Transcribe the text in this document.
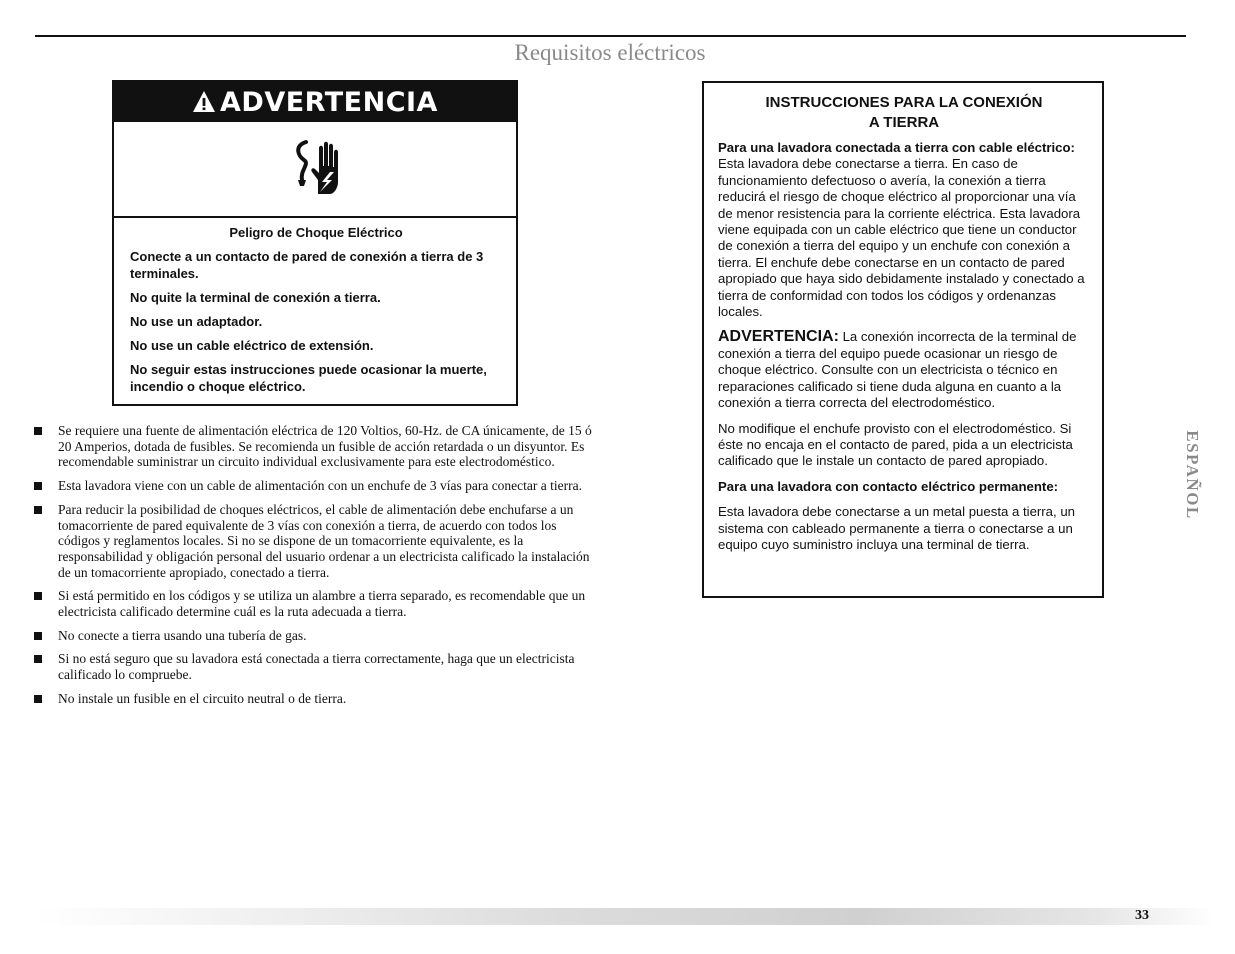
Requisitos eléctricos
ADVERTENCIA
Peligro de Choque Eléctrico

Conecte a un contacto de pared de conexión a tierra de 3 terminales.

No quite la terminal de conexión a tierra.

No use un adaptador.

No use un cable eléctrico de extensión.

No seguir estas instrucciones puede ocasionar la muerte, incendio o choque eléctrico.

Se requiere una fuente de alimentación eléctrica de 120 Voltios, 60-Hz. de CA únicamente, de 15 ó 20 Amperios, dotada de fusibles. Se recomienda un fusible de acción retardada o un disyuntor. Es recomendable suministrar un circuito individual exclusivamente para este electrodoméstico.
Esta lavadora viene con un cable de alimentación con un enchufe de 3 vías para conectar a tierra.
Para reducir la posibilidad de choques eléctricos, el cable de alimentación debe enchufarse a un tomacorriente de pared equivalente de 3 vías con conexión a tierra, de acuerdo con todos los códigos y reglamentos locales. Si no se dispone de un tomacorriente equivalente, es la responsabilidad y obligación personal del usuario ordenar a un electricista calificado la instalación de un tomacorriente apropiado, conectado a tierra.
Si está permitido en los códigos y se utiliza un alambre a tierra separado, es recomendable que un electricista calificado determine cuál es la ruta adecuada a tierra.
No conecte a tierra usando una tubería de gas.
Si no está seguro que su lavadora está conectada a tierra correctamente, haga que un electricista calificado lo compruebe.
No instale un fusible en el circuito neutral o de tierra.
INSTRUCCIONES PARA LA CONEXIÓN
A TIERRA

Para una lavadora conectada a tierra con cable eléctrico:
Esta lavadora debe conectarse a tierra. En caso de funcionamiento defectuoso o avería, la conexión a tierra reducirá el riesgo de choque eléctrico al proporcionar una vía de menor resistencia para la corriente eléctrica. Esta lavadora viene equipada con un cable eléctrico que tiene un conductor de conexión a tierra del equipo y un enchufe con conexión a tierra. El enchufe debe conectarse en un contacto de pared apropiado que haya sido debidamente instalado y conectado a tierra de conformidad con todos los códigos y ordenanzas locales.

ADVERTENCIA: La conexión incorrecta de la terminal de conexión a tierra del equipo puede ocasionar un riesgo de choque eléctrico. Consulte con un electricista o técnico en reparaciones calificado si tiene duda alguna en cuanto a la conexión a tierra correcta del electrodoméstico.

No modifique el enchufe provisto con el electrodoméstico. Si éste no encaja en el contacto de pared, pida a un electricista calificado que le instale un contacto de pared apropiado.

Para una lavadora con contacto eléctrico permanente:

Esta lavadora debe conectarse a un metal puesta a tierra, un sistema con cableado permanente a tierra o conectarse a un equipo cuyo suministro incluya una terminal de tierra.

ESPAÑOL
33
